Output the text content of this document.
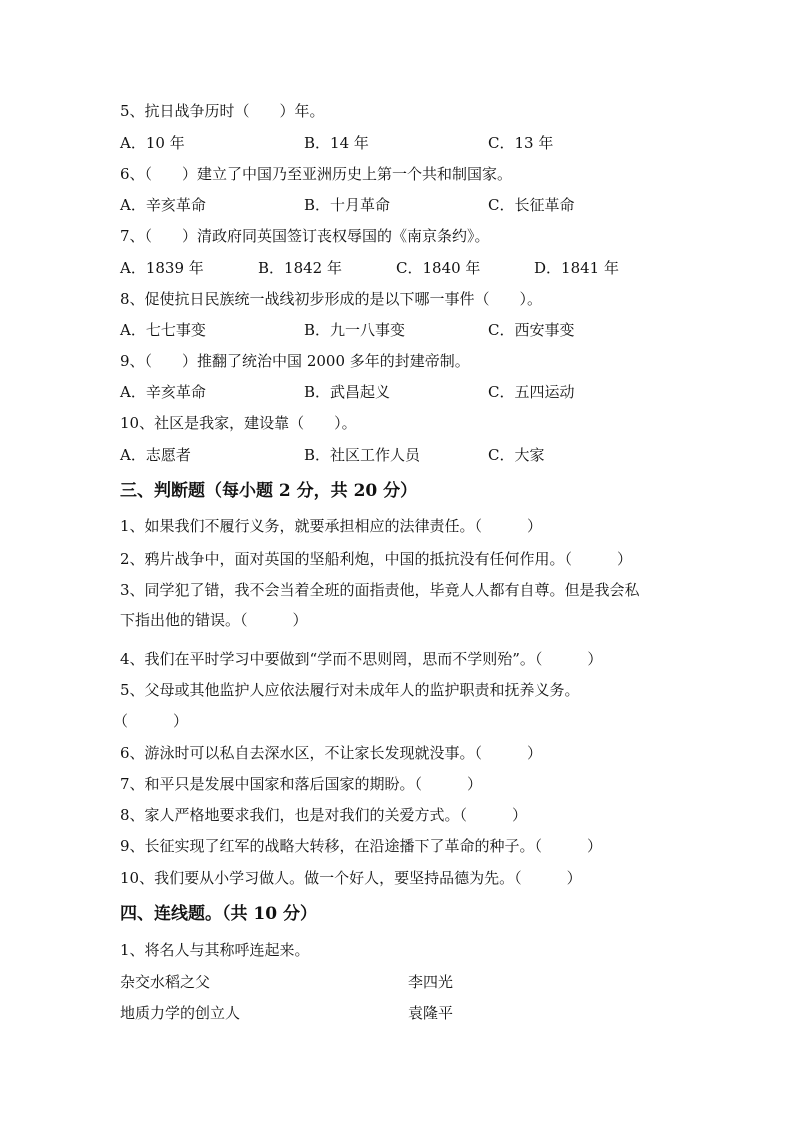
5、抗日战争历时（　　）年。
A．10 年	B．14 年	C．13 年
6、（　　）建立了中国乃至亚洲历史上第一个共和制国家。
A．辛亥革命	B．十月革命	C．长征革命
7、（　　）清政府同英国签订丧权辱国的《南京条约》。
A．1839 年	B．1842 年	C．1840 年	D．1841 年
8、促使抗日民族统一战线初步形成的是以下哪一事件（　　）。
A．七七事变	B．九一八事变	C．西安事变
9、（　　）推翻了统治中国 2000 多年的封建帝制。
A．辛亥革命	B．武昌起义	C．五四运动
10、社区是我家，建设靠（　　）。
A．志愿者	B．社区工作人员	C．大家
三、判断题（每小题 2 分，共 20 分）
1、如果我们不履行义务，就要承担相应的法律责任。（　　　）
2、鸦片战争中，面对英国的坚船利炮，中国的抵抗没有任何作用。（　　　）
3、同学犯了错，我不会当着全班的面指责他，毕竟人人都有自尊。但是我会私
下指出他的错误。（　　　）
4、我们在平时学习中要做到“学而不思则罔，思而不学则殆”。（　　　）
5、父母或其他监护人应依法履行对未成年人的监护职责和抚养义务。
（　　　）
6、游泳时可以私自去深水区，不让家长发现就没事。（　　　）
7、和平只是发展中国家和落后国家的期盼。（　　　）
8、家人严格地要求我们，也是对我们的关爱方式。（　　　）
9、长征实现了红军的战略大转移，在沿途播下了革命的种子。（　　　）
10、我们要从小学习做人。做一个好人，要坚持品德为先。（　　　）
四、连线题。（共 10 分）
1、将名人与其称呼连起来。
杂交水稻之父	李四光
地质力学的创立人	袁隆平
